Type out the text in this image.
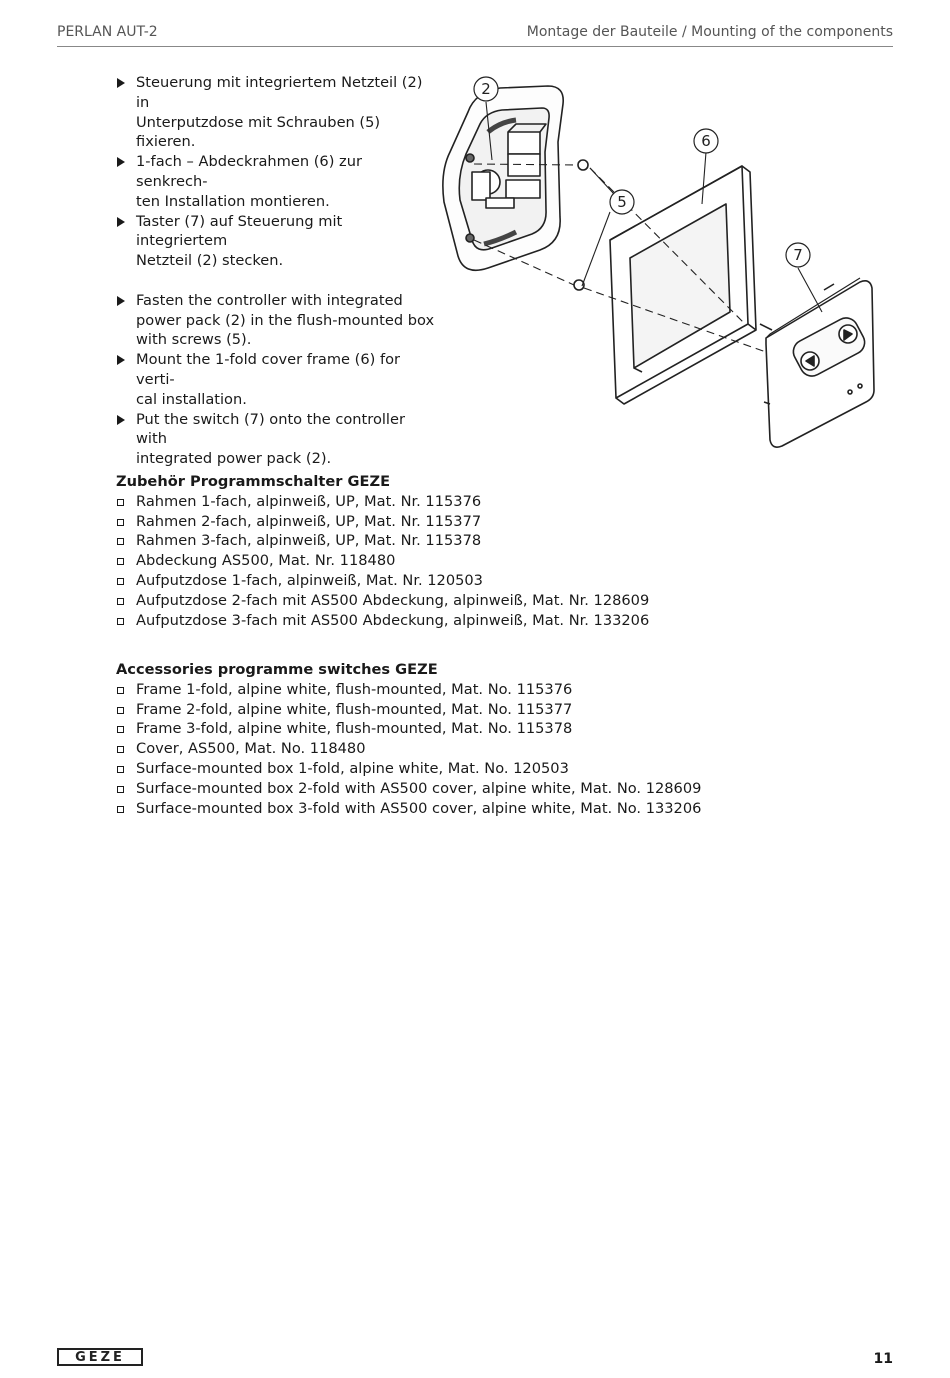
PERLAN AUT-2	Montage der Bauteile / Mounting of the components
Steuerung mit integriertem Netzteil (2) in
Unterputzdose mit Schrauben (5) fixieren.
1-fach – Abdeckrahmen (6) zur senkrech-
ten Installation montieren.
Taster (7) auf Steuerung mit integriertem
Netzteil (2) stecken.
Fasten the controller with integrated
power pack (2) in the flush-mounted box
with screws (5).
Mount the 1-fold cover frame (6) for verti-
cal installation.
Put the switch (7) onto the controller with
integrated power pack (2).
2
6
5
7
Zubehör Programmschalter GEZE
Rahmen 1-fach, alpinweiß, UP, Mat. Nr. 115376
Rahmen 2-fach, alpinweiß, UP, Mat. Nr. 115377
Rahmen 3-fach, alpinweiß, UP, Mat. Nr. 115378
Abdeckung AS500, Mat. Nr. 118480
Aufputzdose 1-fach, alpinweiß, Mat. Nr. 120503
Aufputzdose 2-fach mit AS500 Abdeckung, alpinweiß, Mat. Nr. 128609
Aufputzdose 3-fach mit AS500 Abdeckung, alpinweiß, Mat. Nr. 133206
Accessories programme switches GEZE
Frame 1-fold, alpine white, flush-mounted, Mat. No. 115376
Frame 2-fold, alpine white, flush-mounted, Mat. No. 115377
Frame 3-fold, alpine white, flush-mounted, Mat. No. 115378
Cover, AS500, Mat. No. 118480
Surface-mounted box 1-fold, alpine white, Mat. No. 120503
Surface-mounted box 2-fold with AS500 cover, alpine white, Mat. No. 128609
Surface-mounted box 3-fold with AS500 cover, alpine white, Mat. No. 133206
GEZE	11
